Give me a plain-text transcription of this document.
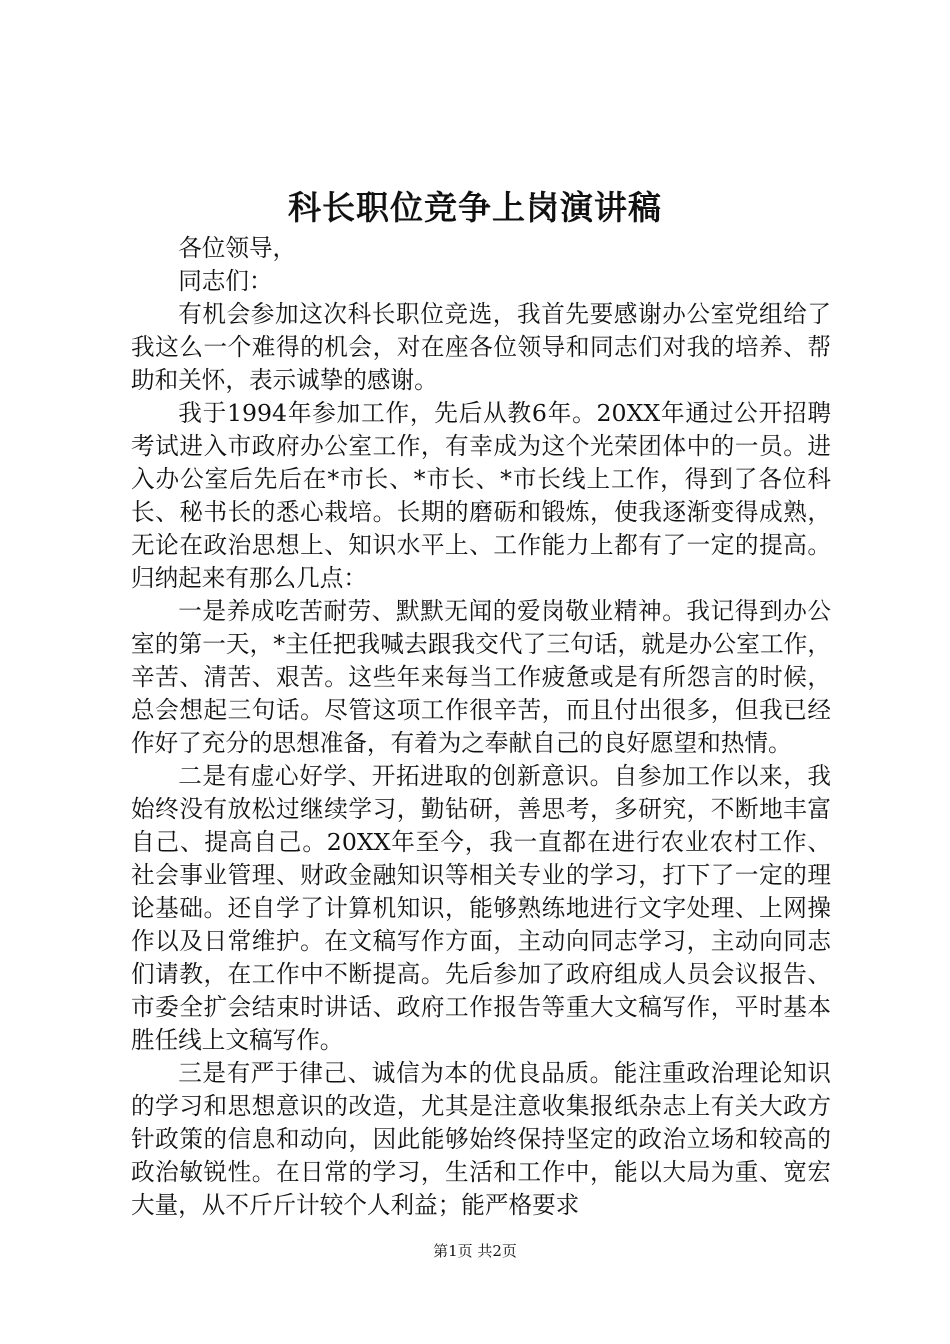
科长职位竞争上岗演讲稿

各位领导，

同志们：

有机会参加这次科长职位竞选，我首先要感谢办公室党组给了我这么一个难得的机会，对在座各位领导和同志们对我的培养、帮助和关怀，表示诚挚的感谢。

我于1994年参加工作，先后从教6年。20XX年通过公开招聘考试进入市政府办公室工作，有幸成为这个光荣团体中的一员。进入办公室后先后在*市长、*市长、*市长线上工作，得到了各位科长、秘书长的悉心栽培。长期的磨砺和锻炼，使我逐渐变得成熟，无论在政治思想上、知识水平上、工作能力上都有了一定的提高。归纳起来有那么几点：

一是养成吃苦耐劳、默默无闻的爱岗敬业精神。我记得到办公室的第一天，*主任把我喊去跟我交代了三句话，就是办公室工作，辛苦、清苦、艰苦。这些年来每当工作疲惫或是有所怨言的时候，总会想起三句话。尽管这项工作很辛苦，而且付出很多，但我已经作好了充分的思想准备，有着为之奉献自己的良好愿望和热情。

二是有虚心好学、开拓进取的创新意识。自参加工作以来，我始终没有放松过继续学习，勤钻研，善思考，多研究，不断地丰富自己、提高自己。20XX年至今，我一直都在进行农业农村工作、社会事业管理、财政金融知识等相关专业的学习，打下了一定的理论基础。还自学了计算机知识，能够熟练地进行文字处理、上网操作以及日常维护。在文稿写作方面，主动向同志学习，主动向同志们请教，在工作中不断提高。先后参加了政府组成人员会议报告、市委全扩会结束时讲话、政府工作报告等重大文稿写作，平时基本胜任线上文稿写作。

三是有严于律己、诚信为本的优良品质。能注重政治理论知识的学习和思想意识的改造，尤其是注意收集报纸杂志上有关大政方针政策的信息和动向，因此能够始终保持坚定的政治立场和较高的政治敏锐性。在日常的学习，生活和工作中，能以大局为重、宽宏大量，从不斤斤计较个人利益；能严格要求

第1页 共2页
